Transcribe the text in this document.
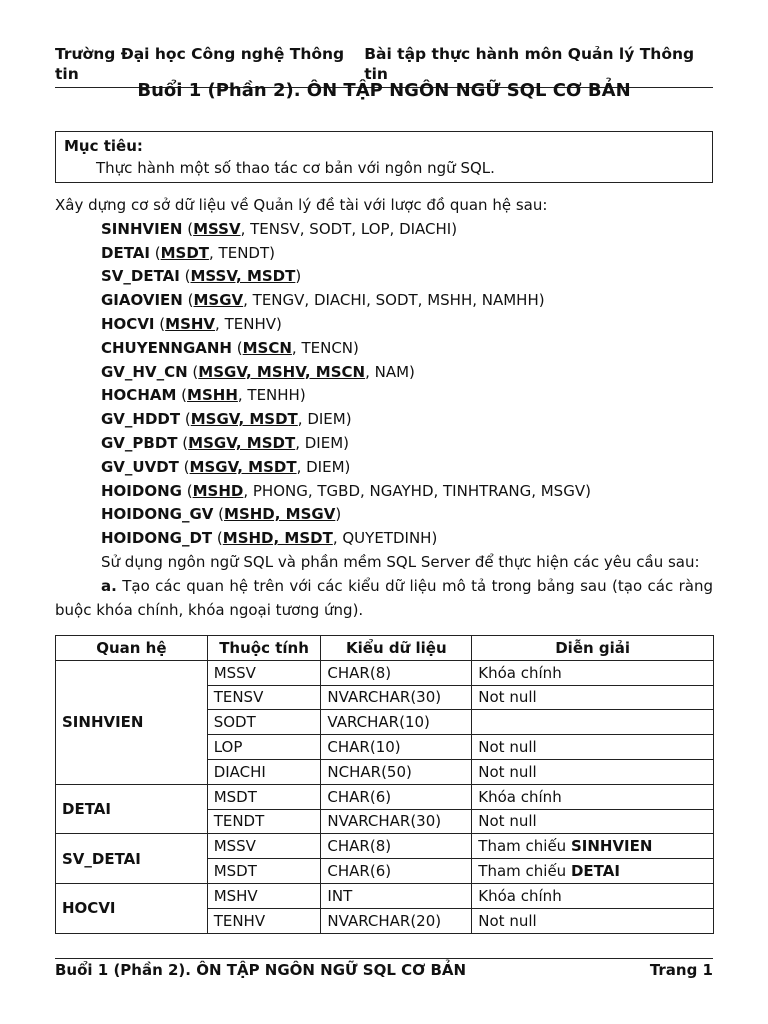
Trường Đại học Công nghệ Thông tin
Bài tập thực hành môn Quản lý Thông tin
Buổi 1 (Phần 2). ÔN TẬP NGÔN NGỮ SQL CƠ BẢN
Mục tiêu:
Thực hành một số thao tác cơ bản với ngôn ngữ SQL.
Xây dựng cơ sở dữ liệu về Quản lý đề tài với lược đồ quan hệ sau:
SINHVIEN (MSSV, TENSV, SODT, LOP, DIACHI)
DETAI (MSDT, TENDT)
SV_DETAI (MSSV, MSDT)
GIAOVIEN (MSGV, TENGV, DIACHI, SODT, MSHH, NAMHH)
HOCVI (MSHV, TENHV)
CHUYENNGANH (MSCN, TENCN)
GV_HV_CN (MSGV, MSHV, MSCN, NAM)
HOCHAM (MSHH, TENHH)
GV_HDDT (MSGV, MSDT, DIEM)
GV_PBDT (MSGV, MSDT, DIEM)
GV_UVDT (MSGV, MSDT, DIEM)
HOIDONG (MSHD, PHONG, TGBD, NGAYHD, TINHTRANG, MSGV)
HOIDONG_GV (MSHD, MSGV)
HOIDONG_DT (MSHD, MSDT, QUYETDINH)
Sử dụng ngôn ngữ SQL và phần mềm SQL Server để thực hiện các yêu cầu sau:
a. Tạo các quan hệ trên với các kiểu dữ liệu mô tả trong bảng sau (tạo các ràng buộc khóa chính, khóa ngoại tương ứng).
Quan hệ	Thuộc tính	Kiểu dữ liệu	Diễn giải
SINHVIEN	MSSV	CHAR(8)	Khóa chính
	TENSV	NVARCHAR(30)	Not null
	SODT	VARCHAR(10)	
	LOP	CHAR(10)	Not null
	DIACHI	NCHAR(50)	Not null
DETAI	MSDT	CHAR(6)	Khóa chính
	TENDT	NVARCHAR(30)	Not null
SV_DETAI	MSSV	CHAR(8)	Tham chiếu SINHVIEN
	MSDT	CHAR(6)	Tham chiếu DETAI
HOCVI	MSHV	INT	Khóa chính
	TENHV	NVARCHAR(20)	Not null
Buổi 1 (Phần 2). ÔN TẬP NGÔN NGỮ SQL CƠ BẢN	Trang 1
